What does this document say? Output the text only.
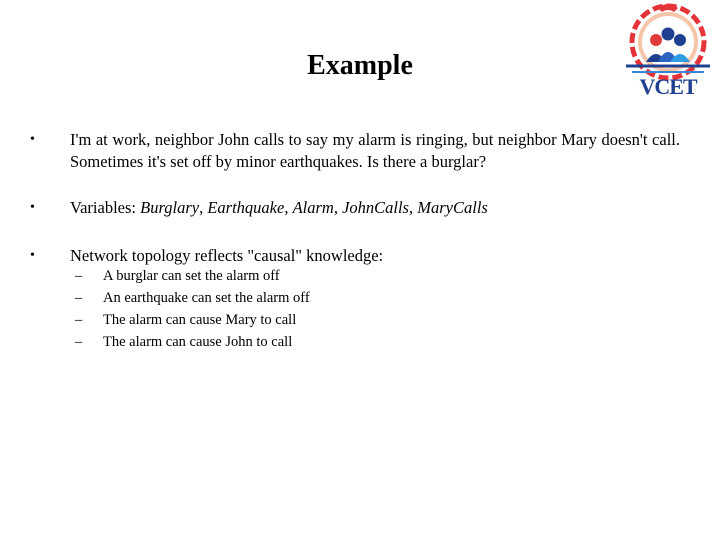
Example
VCET
• I'm at work, neighbor John calls to say my alarm is ringing, but neighbor Mary doesn't call. Sometimes it's set off by minor earthquakes. Is there a burglar?
• Variables: Burglary, Earthquake, Alarm, JohnCalls, MaryCalls
• Network topology reflects "causal" knowledge:
– A burglar can set the alarm off
– An earthquake can set the alarm off
– The alarm can cause Mary to call
– The alarm can cause John to call
